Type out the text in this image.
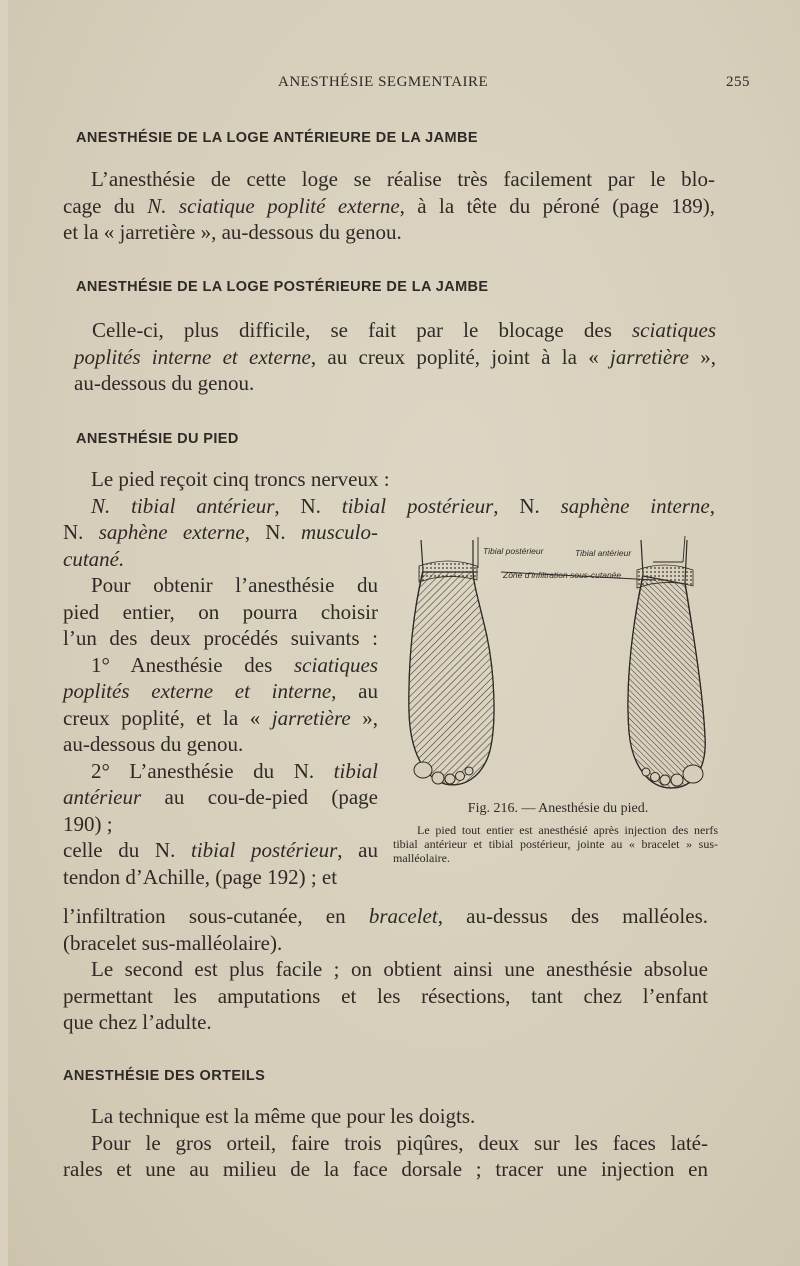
ANESTHÉSIE SEGMENTAIRE	255
ANESTHÉSIE DE LA LOGE ANTÉRIEURE DE LA JAMBE

L’anesthésie de cette loge se réalise très facilement par le blo-
cage du N. sciatique poplité externe, à la tête du péroné (page 189),
et la « jarretière », au-dessous du genou.

ANESTHÉSIE DE LA LOGE POSTÉRIEURE DE LA JAMBE

Celle-ci, plus difficile, se fait par le blocage des sciatiques
poplités interne et externe, au creux poplité, joint à la « jarretière »,
au-dessous du genou.

ANESTHÉSIE DU PIED

Le pied reçoit cinq troncs nerveux :
N. tibial antérieur, N. tibial postérieur, N. saphène interne,

N. saphène externe, N. musculo-
cutané.
Pour obtenir l’anesthésie du
pied entier, on pourra choisir
l’un des deux procédés suivants :
1° Anesthésie des sciatiques
poplités externe et interne, au
creux poplité, et la « jarretière »,
au-dessous du genou.
2° L’anesthésie du N. tibial
antérieur au cou-de-pied (page
190) ;
celle du N. tibial postérieur, au
tendon d’Achille, (page 192) ; et

l’infiltration sous-cutanée, en bracelet, au-dessus des malléoles.
(bracelet sus-malléolaire).
Le second est plus facile ; on obtient ainsi une anesthésie absolue
permettant les amputations et les résections, tant chez l’enfant
que chez l’adulte.

Tibial postérieur	Tibial antérieur
Zône d’infiltration sous-cutanée
Fig. 216. — Anesthésie du pied.
Le pied tout entier est anesthésié après injection des nerfs tibial antérieur et tibial postérieur, jointe au « bracelet » sus-malléolaire.
ANESTHÉSIE DES ORTEILS

La technique est la même que pour les doigts.
Pour le gros orteil, faire trois piqûres, deux sur les faces laté-
rales et une au milieu de la face dorsale ; tracer une injection en
